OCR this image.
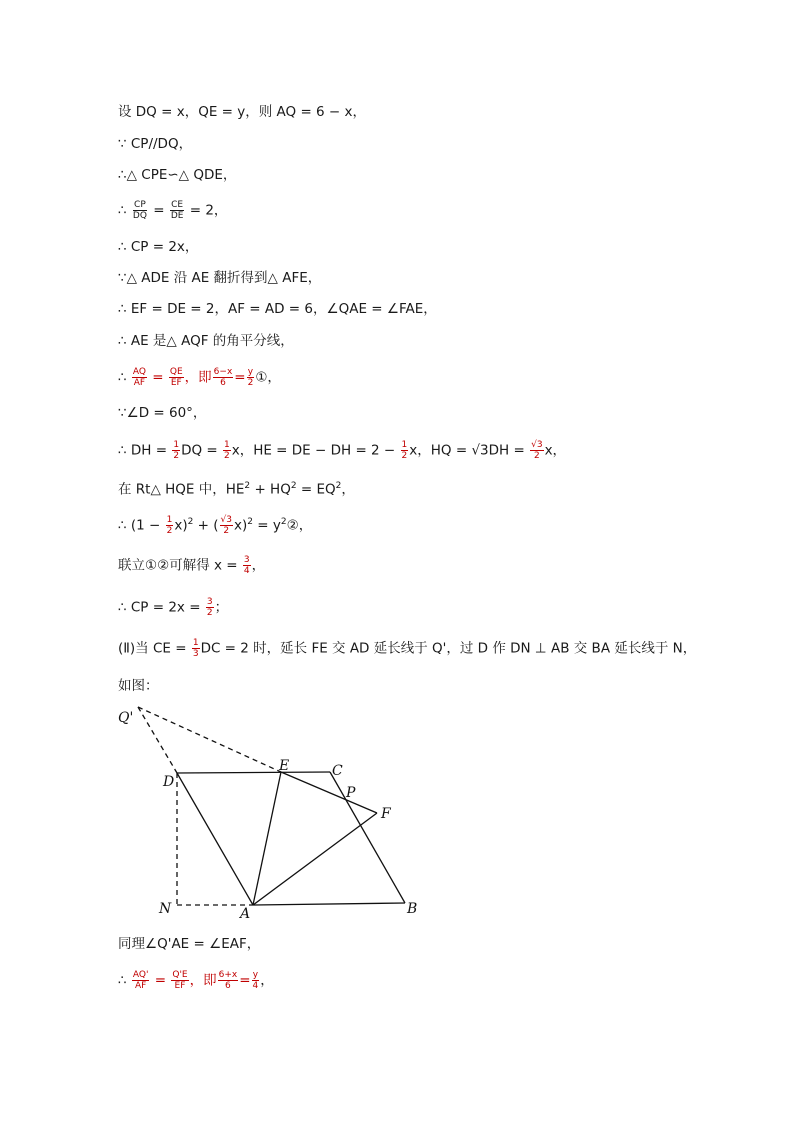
设 DQ = x，QE = y，则 AQ = 6 − x，
∵ CP//DQ，
∴△ CPE∽△ QDE，
∴ $\frac{CP}{DQ} = \frac{CE}{DE} = 2$，
∴ CP = 2x，
∵△ ADE 沿 AE 翻折得到△ AFE，
∴ EF = DE = 2，AF = AD = 6，∠QAE = ∠FAE，
∴ AE 是△ AQF 的角平分线，
∴ $\frac{AQ}{AF} = \frac{QE}{EF}$ ，即 $\frac{6-x}{6} = \frac{y}{2}$ ①，
∵∠D = 60°，
∴ DH = $\frac{1}{2}$ DQ = $\frac{1}{2}$ x，HE = DE − DH = $2 - \frac{1}{2}$ x，HQ = $√3DH = \frac{√3}{2}$ x，
在 Rt△ HQE 中，$HE^2 + HQ^2 = EQ^2$，
∴ $(1 - \frac{1}{2} x)^2$ + ( $\frac{√3}{2} x)^2$ = $y^2②$，
联立①②可解得 $x = \frac{3}{4}$ ，
∴ CP = $2x = \frac{3}{2}$ ；
(Ⅱ)当 CE = $\frac{1}{3}$ DC = 2 时，延长 FE 交 AD 延长线于 Q'，过 D 作 DN ⊥ AB 交 BA 延长线于 N，
如图：
Q'
D
E	C
P
F
N	A	B
同理∠Q'AE = ∠EAF，
∴ $\frac{AQ'}{AF} = \frac{Q'E}{EF}$ ，即 $\frac{6+x}{6} = \frac{y}{4}$ ，
